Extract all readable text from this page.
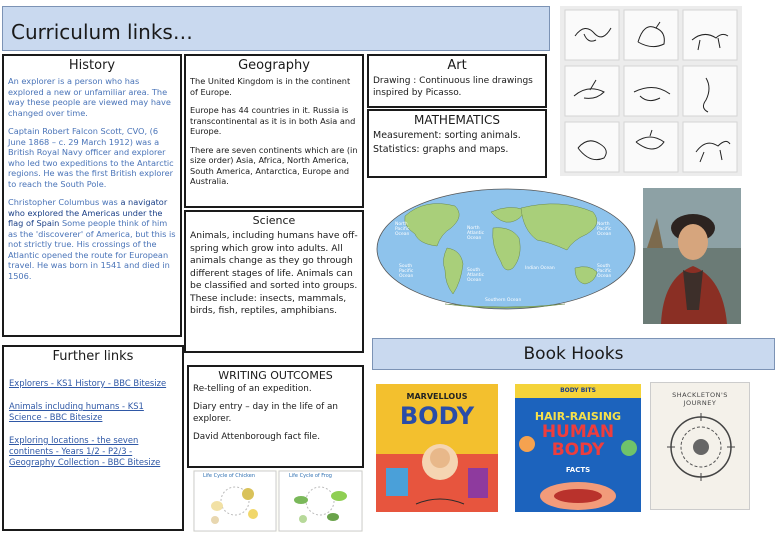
Curriculum links…
History

An explorer is a person who has explored a new or unfamiliar area. The way these people are viewed may have changed over time.

Captain Robert Falcon Scott, CVO, (6 June 1868 – c. 29 March 1912) was a British Royal Navy officer and explorer who led two expeditions to the Antarctic regions. He was the first British explorer to reach the South Pole.

Christopher Columbus was a navigator who explored the Americas under the flag of Spain Some people think of him as the 'discoverer' of America, but this is not strictly true. His crossings of the Atlantic opened the route for European travel. He was born in 1541 and died in 1506.

Geography

The United Kingdom is in the continent of Europe.

Europe has 44 countries in it. Russia is transcontinental as it is in both Asia and Europe.

There are seven continents which are (in size order) Asia, Africa, North America, South America, Antarctica, Europe and Australia.

Science

Animals, including humans have off-spring which grow into adults. All animals change as they go through different stages of life. Animals can be classified and sorted into groups. These include: insects, mammals, birds, fish, reptiles, amphibians.

Art

Drawing : Continuous line drawings inspired by Picasso.

MATHEMATICS

Measurement: sorting animals.

Statistics: graphs and maps.

Further links
Explorers - KS1 History - BBC Bitesize
Animals including humans - KS1 Science - BBC Bitesize
Exploring locations - the seven continents - Years 1/2 - P2/3 - Geography Collection - BBC Bitesize
WRITING OUTCOMES

Re-telling of an expedition.

Diary entry – day in the life of an explorer.

David Attenborough fact file.

Life Cycle of Chicken	Life Cycle of Frog
North Pacific Ocean
North Atlantic Ocean
South Atlantic Ocean
Indian Ocean
South Pacific Ocean
Southern Ocean
North Pacific Ocean
South Pacific Ocean
Book Hooks
MARVELLOUS
BODY
BODY BITS
HAIR-RAISING
HUMAN BODY
FACTS
SHACKLETON'S JOURNEY
